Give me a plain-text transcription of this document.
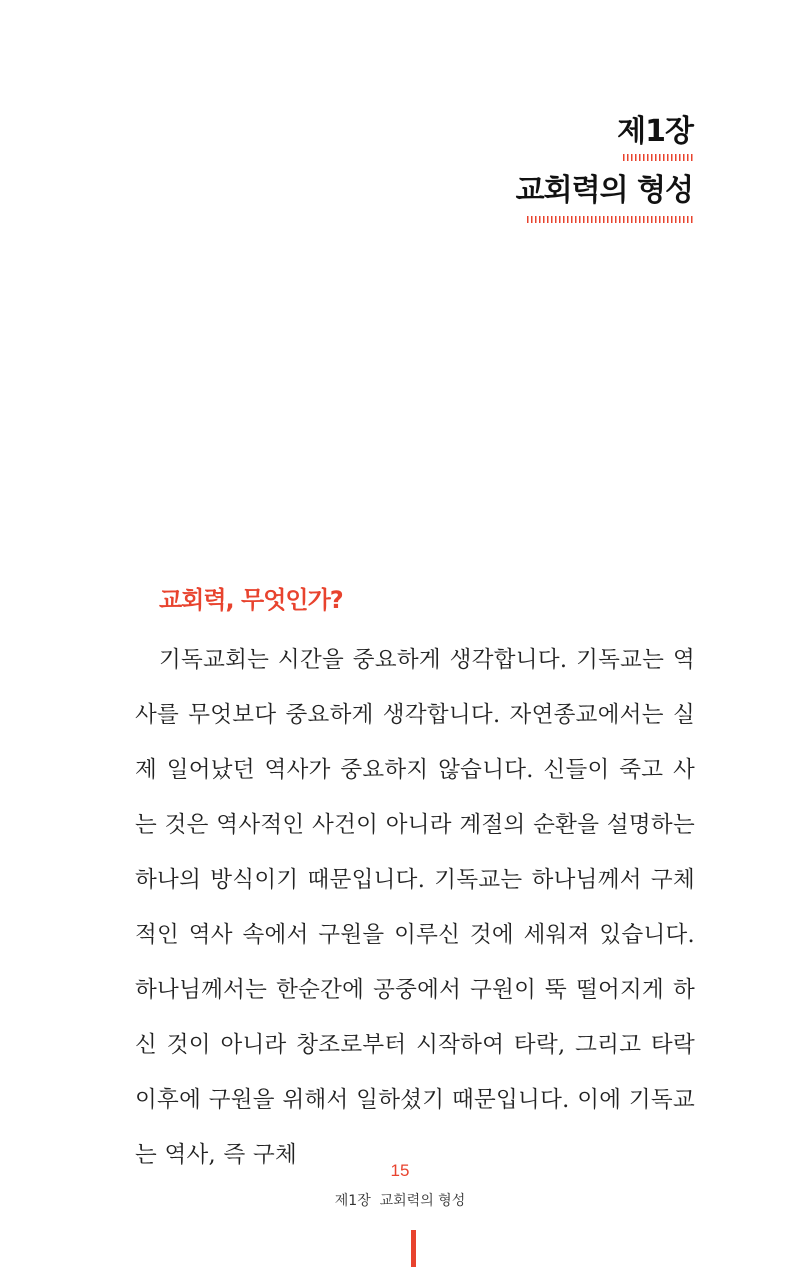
제1장
교회력의 형성
교회력, 무엇인가?

기독교회는 시간을 중요하게 생각합니다. 기독교는 역사를 무엇보다 중요하게 생각합니다. 자연종교에서는 실제 일어났던 역사가 중요하지 않습니다. 신들이 죽고 사는 것은 역사적인 사건이 아니라 계절의 순환을 설명하는 하나의 방식이기 때문입니다. 기독교는 하나님께서 구체적인 역사 속에서 구원을 이루신 것에 세워져 있습니다. 하나님께서는 한순간에 공중에서 구원이 뚝 떨어지게 하신 것이 아니라 창조로부터 시작하여 타락, 그리고 타락 이후에 구원을 위해서 일하셨기 때문입니다. 이에 기독교는 역사, 즉 구체

15
제1장  교회력의 형성
